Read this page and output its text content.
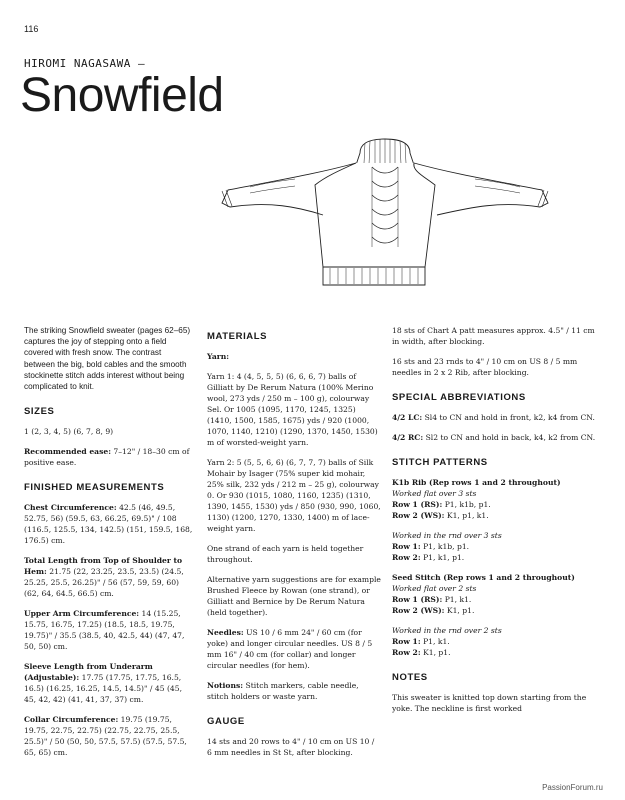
116
HIROMI NAGASAWA —
Snowfield
The striking Snowfield sweater (pages 62–65) captures the joy of stepping onto a field covered with fresh snow. The contrast between the big, bold cables and the smooth stockinette stitch adds interest without being complicated to knit.
SIZES

1 (2, 3, 4, 5) (6, 7, 8, 9)

Recommended ease: 7–12" / 18–30 cm of positive ease.

FINISHED MEASUREMENTS

Chest Circumference: 42.5 (46, 49.5, 52.75, 56) (59.5, 63, 66.25, 69.5)" / 108 (116.5, 125.5, 134, 142.5) (151, 159.5, 168, 176.5) cm.

Total Length from Top of Shoulder to Hem: 21.75 (22, 23.25, 23.5, 23.5) (24.5, 25.25, 25.5, 26.25)" / 56 (57, 59, 59, 60) (62, 64, 64.5, 66.5) cm.

Upper Arm Circumference: 14 (15.25, 15.75, 16.75, 17.25) (18.5, 18.5, 19.75, 19.75)" / 35.5 (38.5, 40, 42.5, 44) (47, 47, 50, 50) cm.

Sleeve Length from Underarm (Adjustable): 17.75 (17.75, 17.75, 16.5, 16.5) (16.25, 16.25, 14.5, 14.5)" / 45 (45, 45, 42, 42) (41, 41, 37, 37) cm.

Collar Circumference: 19.75 (19.75, 19.75, 22.75, 22.75) (22.75, 22.75, 25.5, 25.5)" / 50 (50, 50, 57.5, 57.5) (57.5, 57.5, 65, 65) cm.

MATERIALS

Yarn:

Yarn 1: 4 (4, 5, 5, 5) (6, 6, 6, 7) balls of Gilliatt by De Rerum Natura (100% Merino wool, 273 yds / 250 m – 100 g), colourway Sel. Or 1005 (1095, 1170, 1245, 1325) (1410, 1500, 1585, 1675) yds / 920 (1000, 1070, 1140, 1210) (1290, 1370, 1450, 1530) m of worsted-weight yarn.

Yarn 2: 5 (5, 5, 6, 6) (6, 7, 7, 7) balls of Silk Mohair by Isager (75% super kid mohair, 25% silk, 232 yds / 212 m – 25 g), colourway 0. Or 930 (1015, 1080, 1160, 1235) (1310, 1390, 1455, 1530) yds / 850 (930, 990, 1060, 1130) (1200, 1270, 1330, 1400) m of lace-weight yarn.

One strand of each yarn is held together throughout.

Alternative yarn suggestions are for example Brushed Fleece by Rowan (one strand), or Gilliatt and Bernice by De Rerum Natura (held together).

Needles: US 10 / 6 mm 24" / 60 cm (for yoke) and longer circular needles. US 8 / 5 mm 16" / 40 cm (for collar) and longer circular needles (for hem).

Notions: Stitch markers, cable needle, stitch holders or waste yarn.

GAUGE

14 sts and 20 rows to 4" / 10 cm on US 10 / 6 mm needles in St St, after blocking.

18 sts of Chart A patt measures approx. 4.5" / 11 cm in width, after blocking.

16 sts and 23 rnds to 4" / 10 cm on US 8 / 5 mm needles in 2 x 2 Rib, after blocking.

SPECIAL ABBREVIATIONS

4/2 LC: Sl4 to CN and hold in front, k2, k4 from CN.

4/2 RC: Sl2 to CN and hold in back, k4, k2 from CN.

STITCH PATTERNS

K1b Rib (Rep rows 1 and 2 throughout)
Worked flat over 3 sts
Row 1 (RS): P1, k1b, p1.
Row 2 (WS): K1, p1, k1.

Worked in the rnd over 3 sts
Row 1: P1, k1b, p1.
Row 2: P1, k1, p1.

Seed Stitch (Rep rows 1 and 2 throughout)
Worked flat over 2 sts
Row 1 (RS): P1, k1.
Row 2 (WS): K1, p1.

Worked in the rnd over 2 sts
Row 1: P1, k1.
Row 2: K1, p1.

NOTES

This sweater is knitted top down starting from the yoke. The neckline is first worked

PassionForum.ru
